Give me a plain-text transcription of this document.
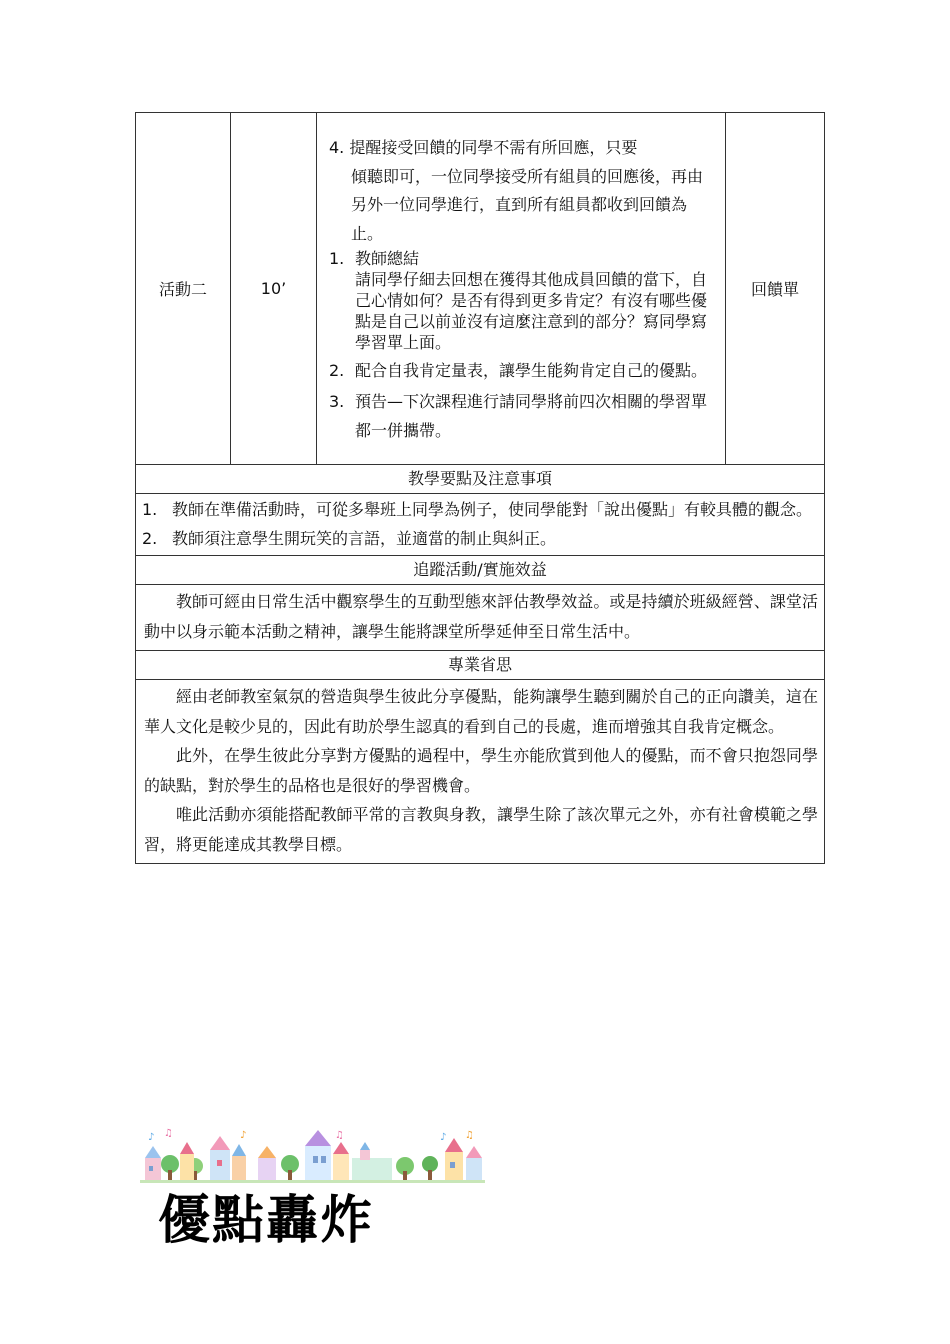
活動二	10’	

4. 提醒接受回饋的同學不需有所回應，只要

傾聽即可，一位同學接受所有組員的回應後，再由另外一位同學進行，直到所有組員都收到回饋為止。

1. 教師總結
請同學仔細去回想在獲得其他成員回饋的當下，自己心情如何？是否有得到更多肯定？有沒有哪些優點是自己以前並沒有這麼注意到的部分？寫同學寫學習單上面。
2. 配合自我肯定量表，讓學生能夠肯定自己的優點。
3. 預告—下次課程進行請同學將前四次相關的學習單都一併攜帶。
	回饋單
教學要點及注意事項

1. 教師在準備活動時，可從多舉班上同學為例子，使同學能對「說出優點」有較具體的觀念。
2. 教師須注意學生開玩笑的言語，並適當的制止與糾正。

追蹤活動/實施效益

教師可經由日常生活中觀察學生的互動型態來評估教學效益。或是持續於班級經營、課堂活動中以身示範本活動之精神，讓學生能將課堂所學延伸至日常生活中。

專業省思

經由老師教室氣氛的營造與學生彼此分享優點，能夠讓學生聽到關於自己的正向讚美，這在華人文化是較少見的，因此有助於學生認真的看到自己的長處，進而增強其自我肯定概念。

此外，在學生彼此分享對方優點的過程中，學生亦能欣賞到他人的優點，而不會只抱怨同學的缺點，對於學生的品格也是很好的學習機會。

唯此活動亦須能搭配教師平常的言教與身教，讓學生除了該次單元之外，亦有社會模範之學習，將更能達成其教學目標。

♪ ♫	♪	♫	♪ ♫
優點轟炸
